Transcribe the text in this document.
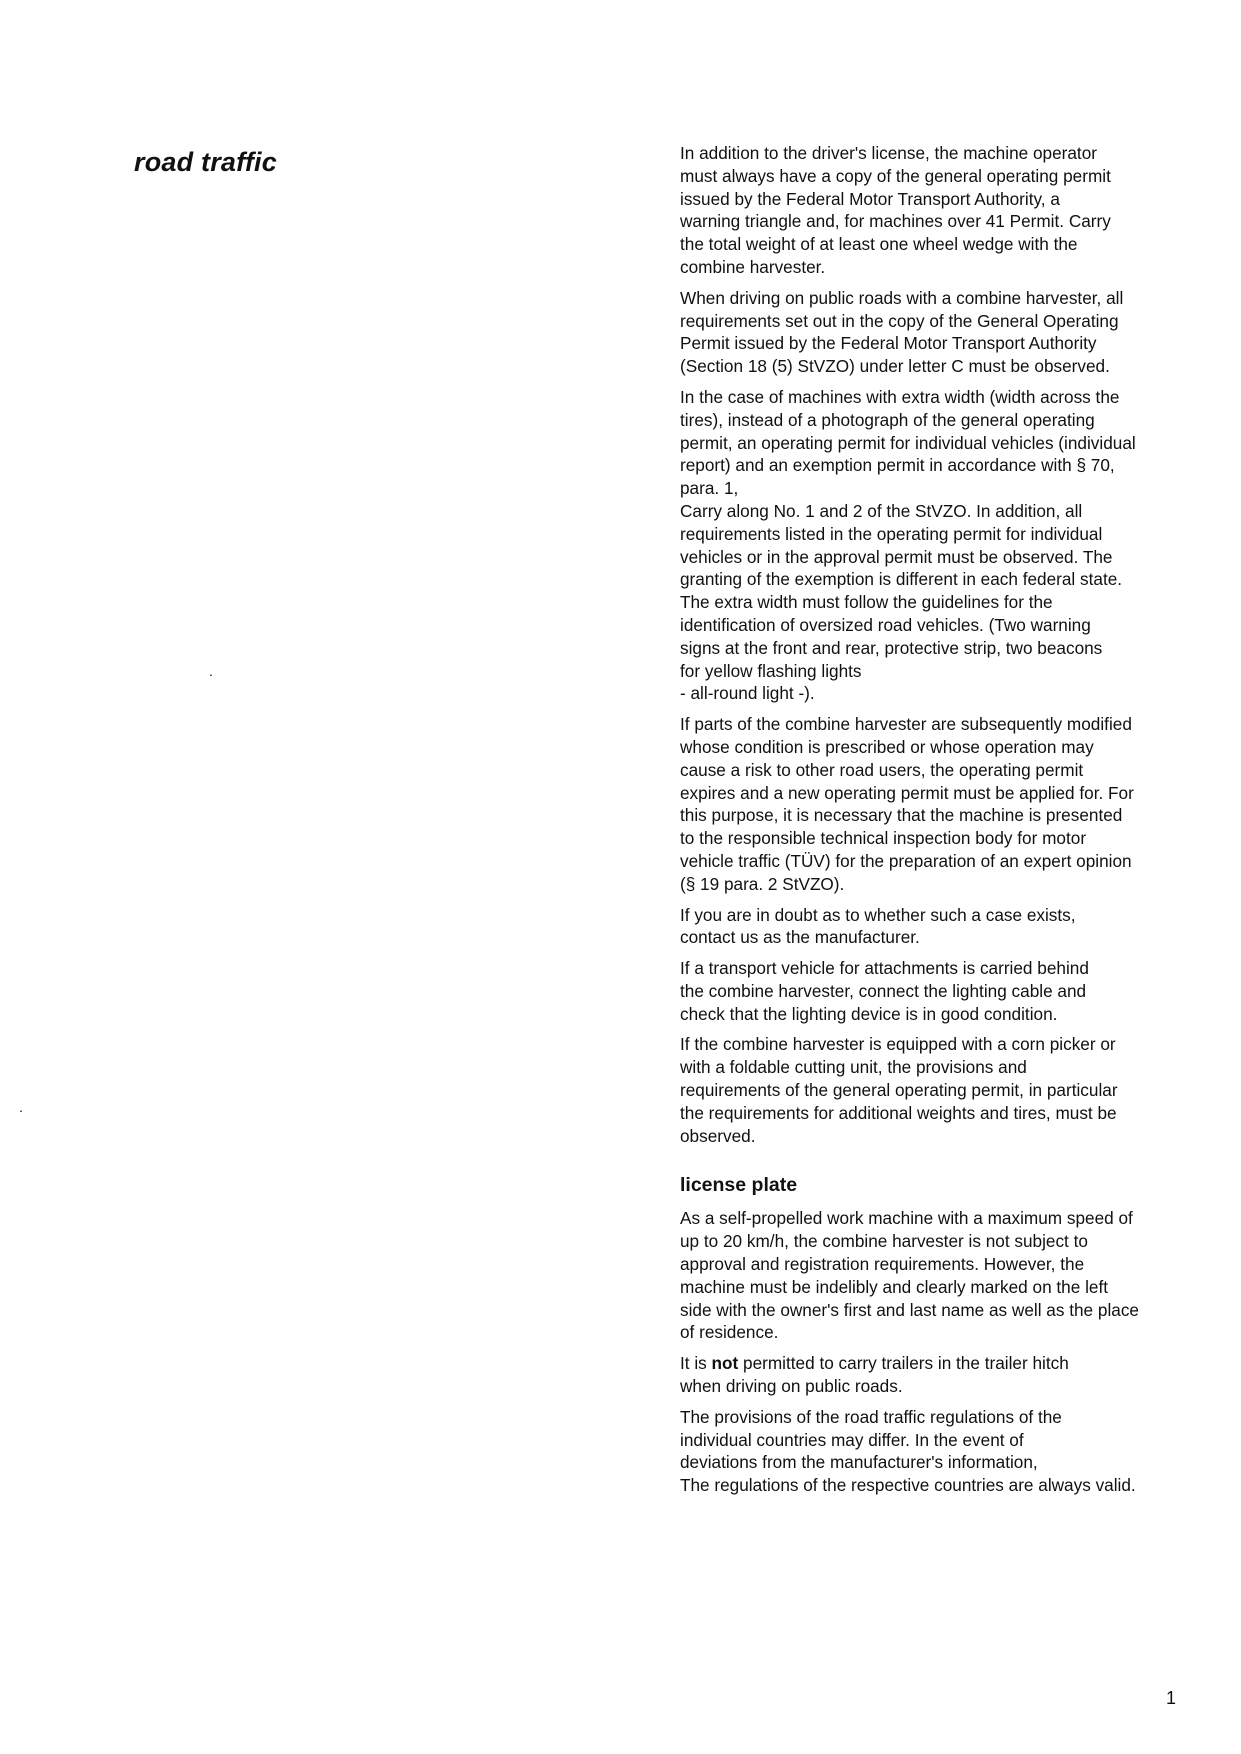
road traffic
.
.
In addition to the driver's license, the machine operator
must always have a copy of the general operating permit
issued by the Federal Motor Transport Authority, a
warning triangle and, for machines over 41 Permit. Carry
the total weight of at least one wheel wedge with the
combine harvester.
When driving on public roads with a combine harvester, all
requirements set out in the copy of the General Operating
Permit issued by the Federal Motor Transport Authority
(Section 18 (5) StVZO) under letter C must be observed.
In the case of machines with extra width (width across the
tires), instead of a photograph of the general operating
permit, an operating permit for individual vehicles (individual
report) and an exemption permit in accordance with § 70,
para. 1,
Carry along No. 1 and 2 of the StVZO. In addition, all
requirements listed in the operating permit for individual
vehicles or in the approval permit must be observed. The
granting of the exemption is different in each federal state.
The extra width must follow the guidelines for the
identification of oversized road vehicles. (Two warning
signs at the front and rear, protective strip, two beacons
for yellow flashing lights
- all-round light -).
If parts of the combine harvester are subsequently modified
whose condition is prescribed or whose operation may
cause a risk to other road users, the operating permit
expires and a new operating permit must be applied for. For
this purpose, it is necessary that the machine is presented
to the responsible technical inspection body for motor
vehicle traffic (TÜV) for the preparation of an expert opinion
(§ 19 para. 2 StVZO).
If you are in doubt as to whether such a case exists,
contact us as the manufacturer.
If a transport vehicle for attachments is carried behind
the combine harvester, connect the lighting cable and
check that the lighting device is in good condition.
If the combine harvester is equipped with a corn picker or
with a foldable cutting unit, the provisions and
requirements of the general operating permit, in particular
the requirements for additional weights and tires, must be
observed.
license plate
As a self-propelled work machine with a maximum speed of
up to 20 km/h, the combine harvester is not subject to
approval and registration requirements. However, the
machine must be indelibly and clearly marked on the left
side with the owner's first and last name as well as the place
of residence.
It is not permitted to carry trailers in the trailer hitch
when driving on public roads.
The provisions of the road traffic regulations of the
individual countries may differ. In the event of
deviations from the manufacturer's information,
The regulations of the respective countries are always valid.
1
